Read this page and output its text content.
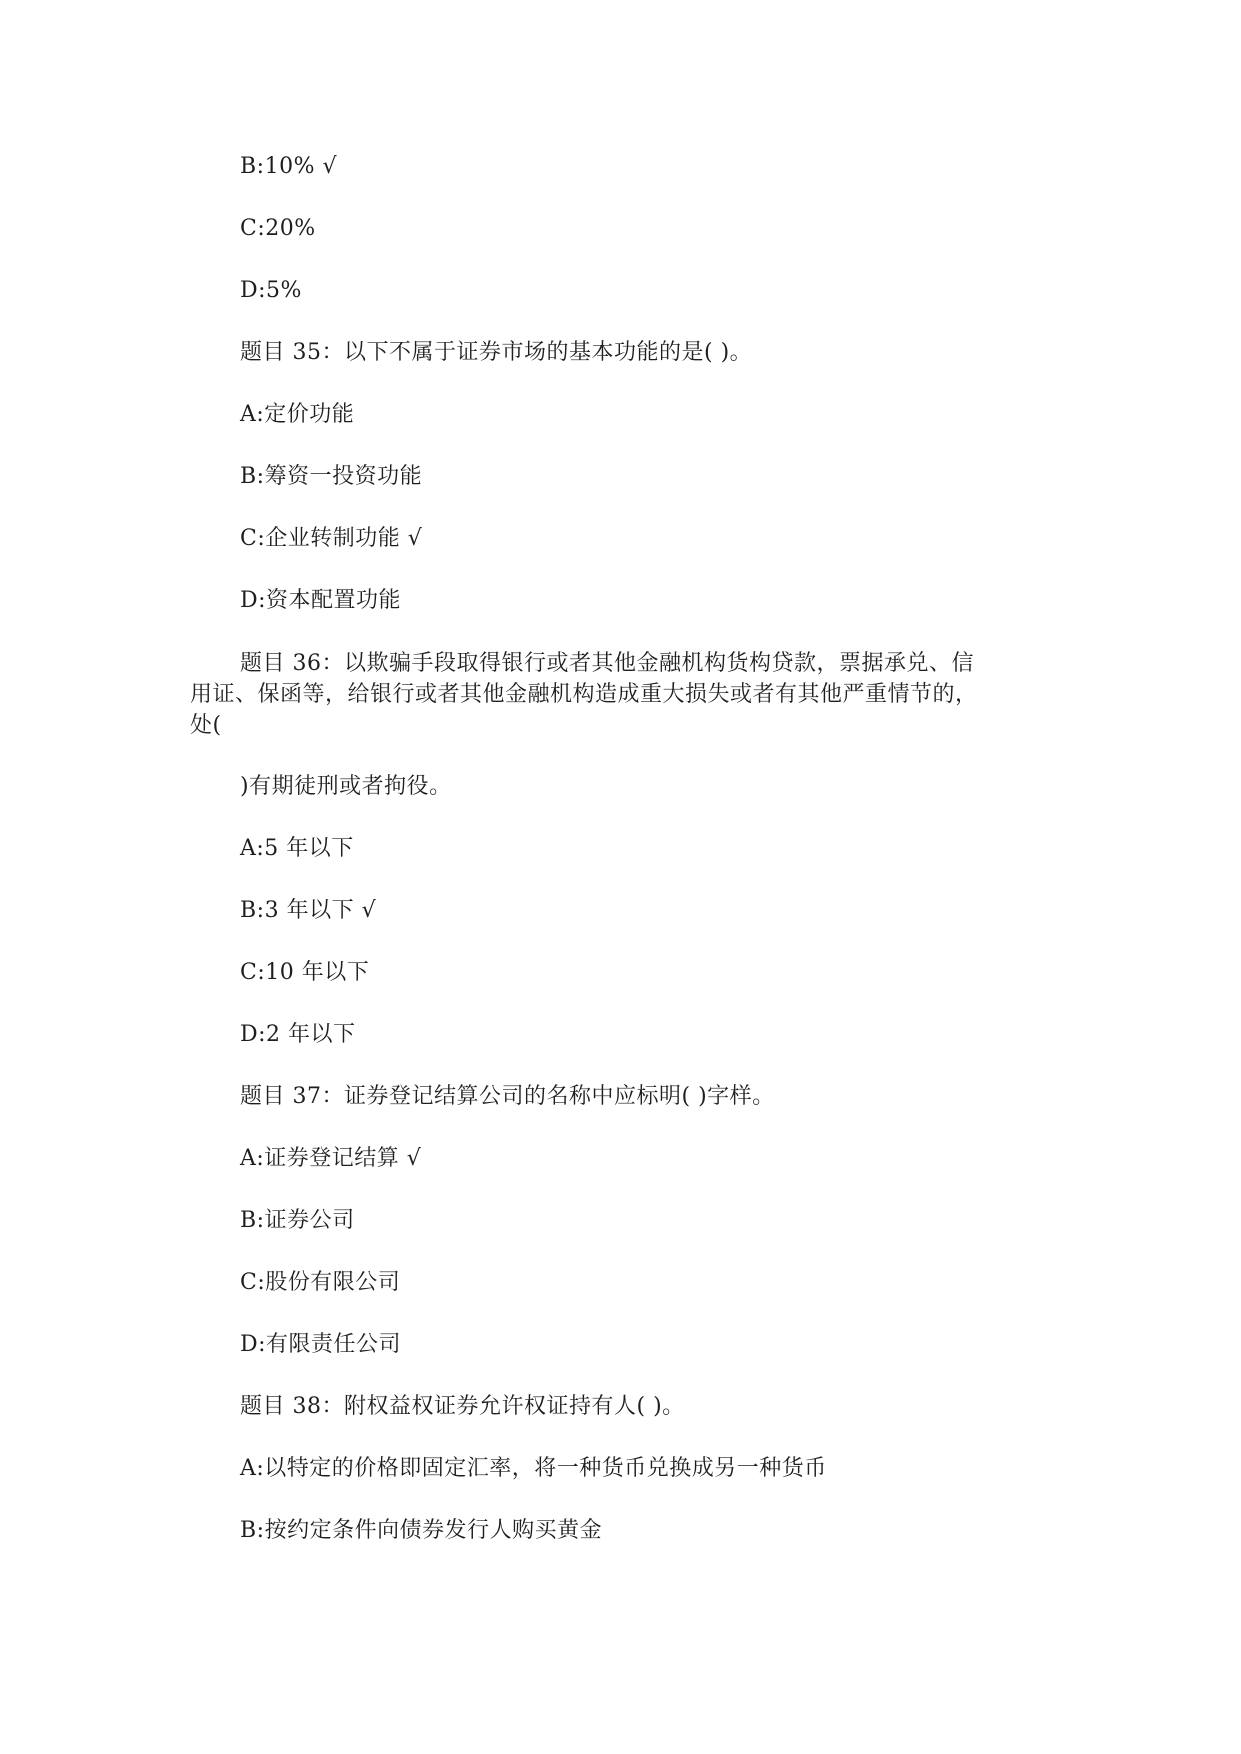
B:10% √
C:20%
D:5%
题目 35：以下不属于证券市场的基本功能的是( )。
A:定价功能
B:筹资一投资功能
C:企业转制功能 √
D:资本配置功能
题目 36：以欺骗手段取得银行或者其他金融机构货构贷款，票据承兑、信
用证、保函等，给银行或者其他金融机构造成重大损失或者有其他严重情节的，
处(
)有期徒刑或者拘役。
A:5 年以下
B:3 年以下 √
C:10 年以下
D:2 年以下
题目 37：证券登记结算公司的名称中应标明( )字样。
A:证券登记结算 √
B:证券公司
C:股份有限公司
D:有限责任公司
题目 38：附权益权证券允许权证持有人( )。
A:以特定的价格即固定汇率，将一种货币兑换成另一种货币
B:按约定条件向债券发行人购买黄金
